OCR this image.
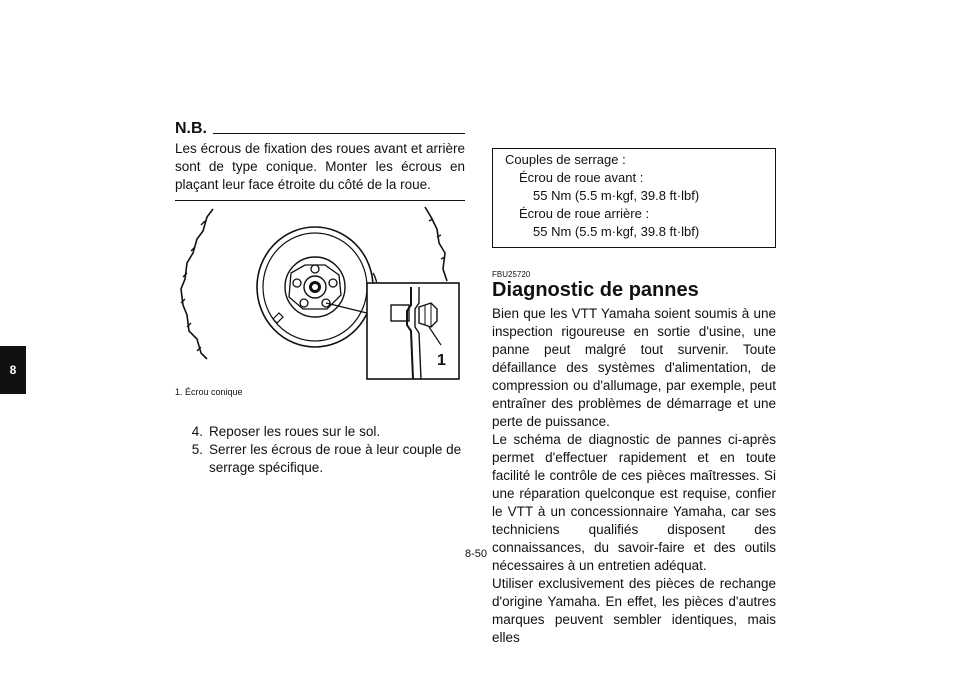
8
N.B.
Les écrous de fixation des roues avant et arrière sont de type conique. Monter les écrous en plaçant leur face étroite du côté de la roue.
1
1. Écrou conique
4. Reposer les roues sur le sol.
5. Serrer les écrous de roue à leur couple de serrage spécifique.
Couples de serrage :
Écrou de roue avant :
55 Nm (5.5 m·kgf, 39.8 ft·lbf)
Écrou de roue arrière :
55 Nm (5.5 m·kgf, 39.8 ft·lbf)
FBU25720
Diagnostic de pannes

Bien que les VTT Yamaha soient soumis à une inspection rigoureuse en sortie d'usine, une panne peut malgré tout survenir. Toute défaillance des systèmes d'alimentation, de compression ou d'allumage, par exemple, peut entraîner des problèmes de démarrage et une perte de puissance.

Le schéma de diagnostic de pannes ci-après permet d'effectuer rapidement et en toute facilité le contrôle de ces pièces maîtresses. Si une réparation quelconque est requise, confier le VTT à un concessionnaire Yamaha, car ses techniciens qualifiés disposent des connaissances, du savoir-faire et des outils nécessaires à un entretien adéquat.

Utiliser exclusivement des pièces de rechange d'origine Yamaha. En effet, les pièces d'autres marques peuvent sembler identiques, mais elles

8-50
